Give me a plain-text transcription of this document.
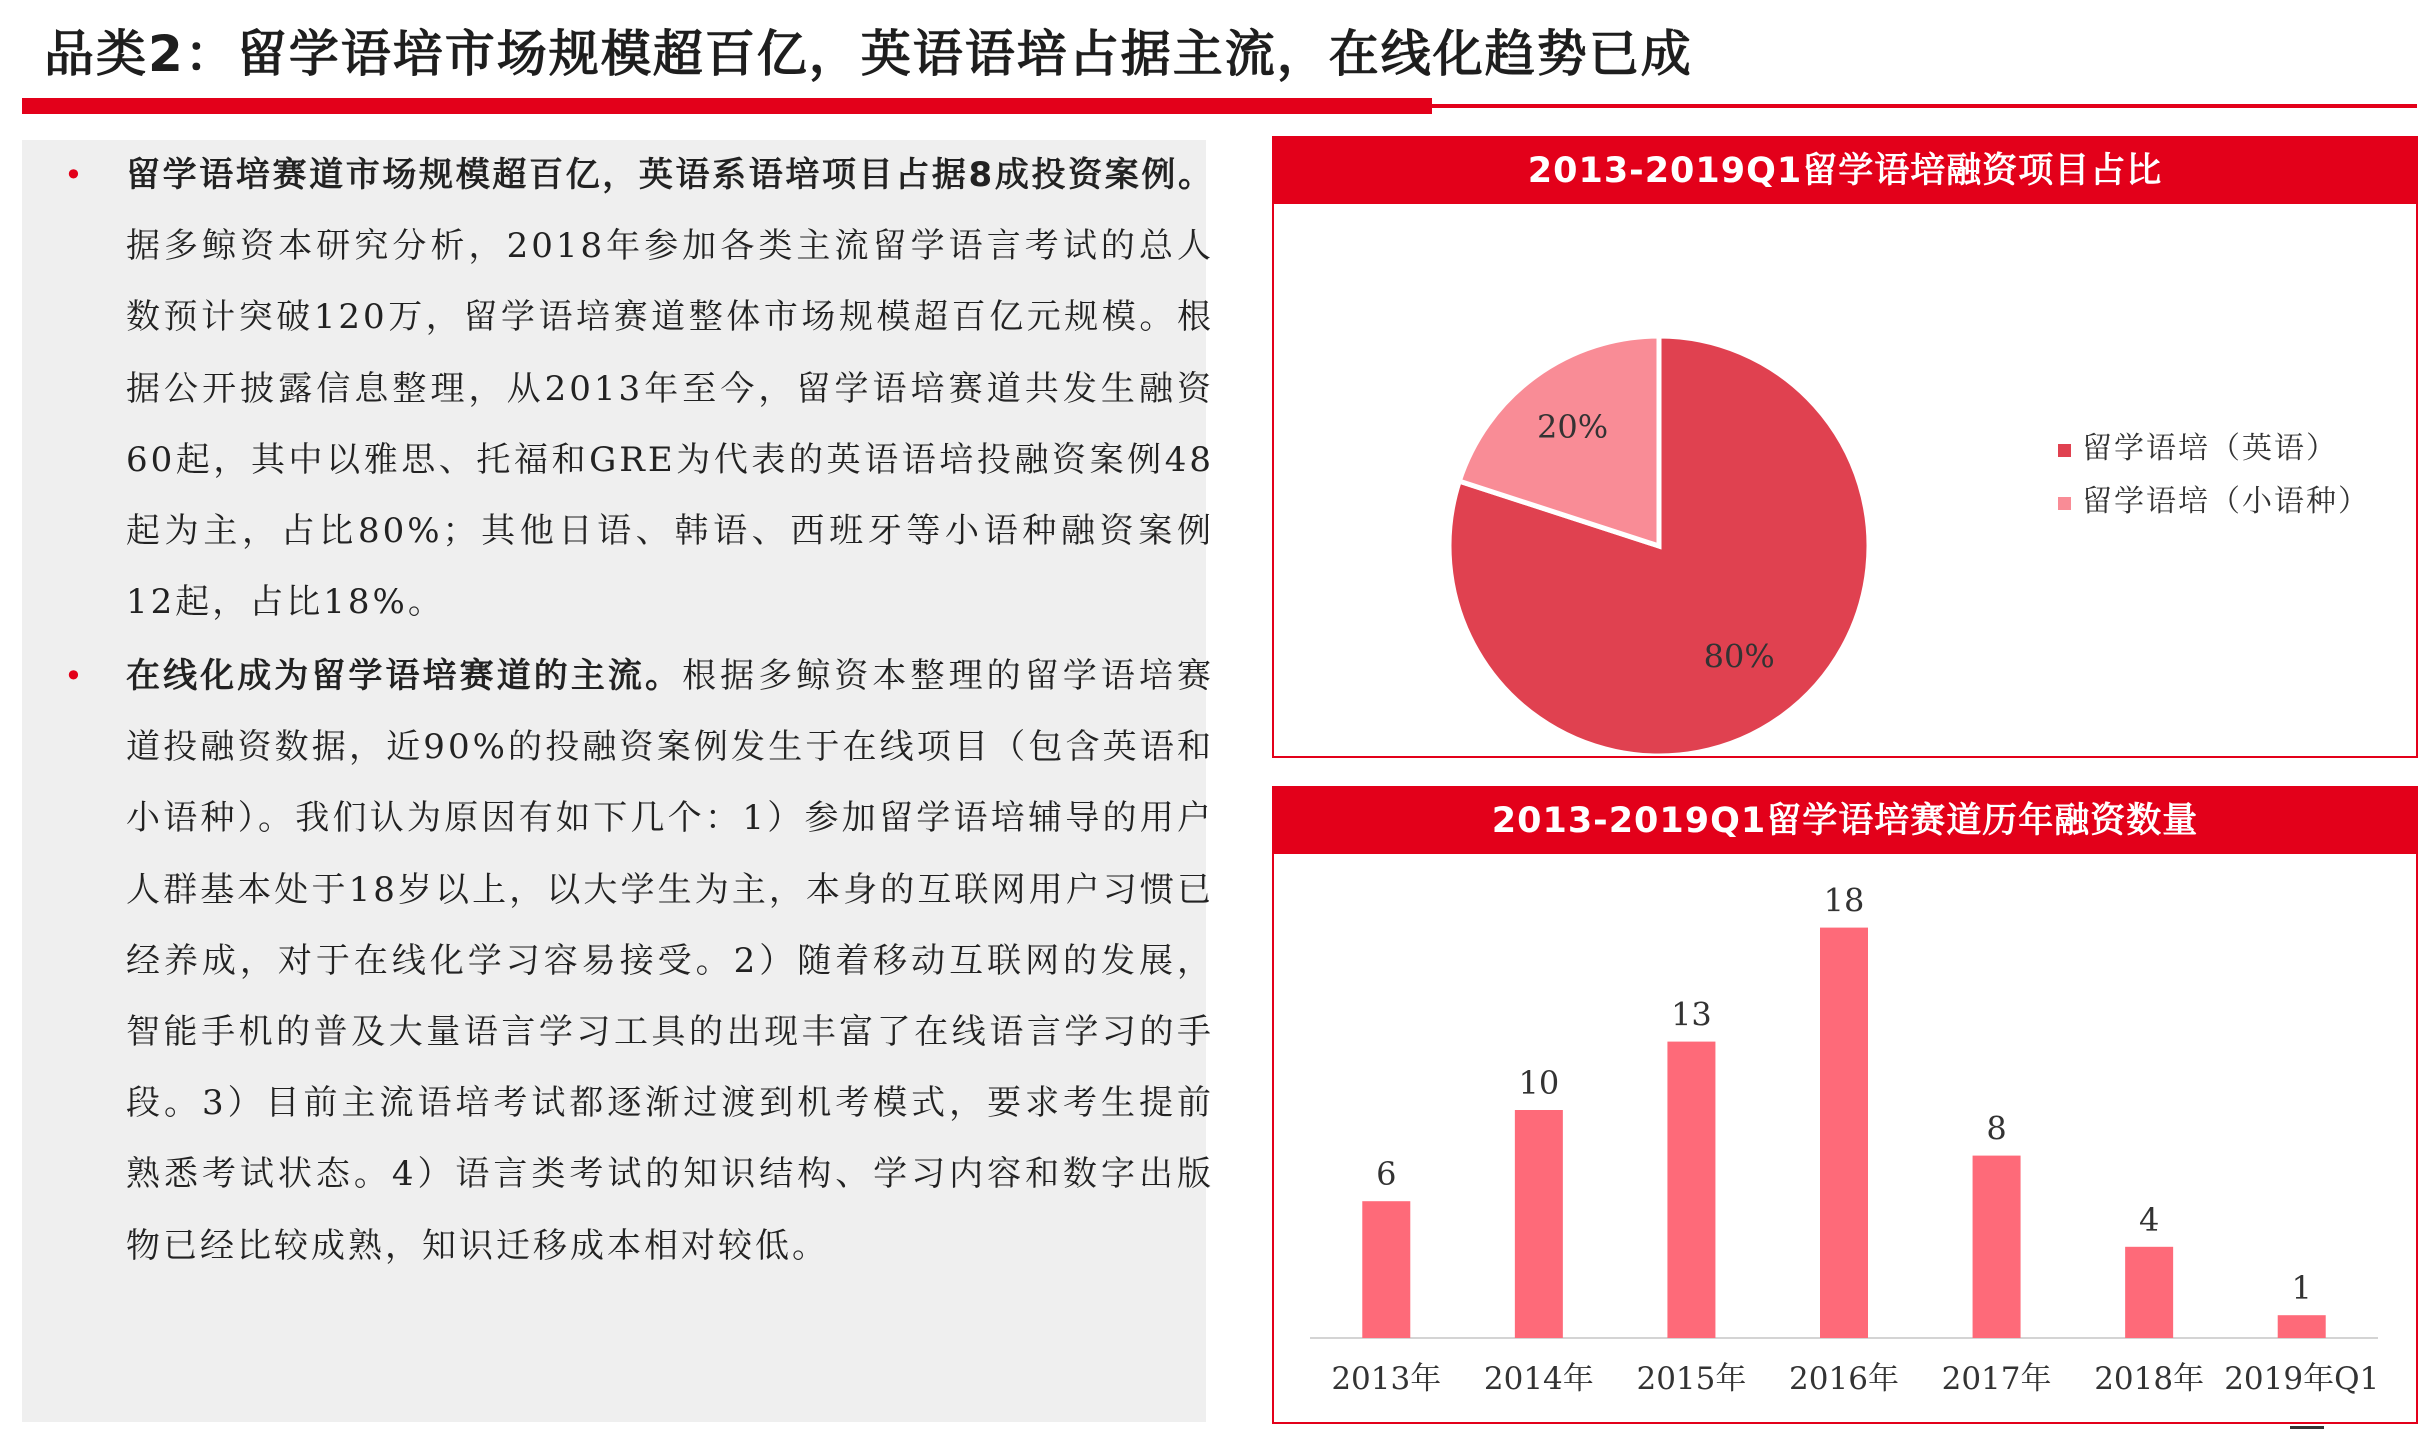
品类2：留学语培市场规模超百亿，英语语培占据主流，在线化趋势已成
• 留学语培赛道市场规模超百亿，英语系语培项目占据8成投资案例。据多鲸资本研究分析，2018年参加各类主流留学语言考试的总人数预计突破120万，留学语培赛道整体市场规模超百亿元规模。根据公开披露信息整理，从2013年至今，留学语培赛道共发生融资60起，其中以雅思、托福和GRE为代表的英语语培投融资案例48起为主，占比80%；其他日语、韩语、西班牙等小语种融资案例12起，占比18%。
• 在线化成为留学语培赛道的主流。根据多鲸资本整理的留学语培赛道投融资数据，近90%的投融资案例发生于在线项目（包含英语和小语种）。我们认为原因有如下几个：1）参加留学语培辅导的用户人群基本处于18岁以上，以大学生为主，本身的互联网用户习惯已经养成，对于在线化学习容易接受。2）随着移动互联网的发展，智能手机的普及大量语言学习工具的出现丰富了在线语言学习的手段。3）目前主流语培考试都逐渐过渡到机考模式，要求考生提前熟悉考试状态。4）语言类考试的知识结构、学习内容和数字出版物已经比较成熟，知识迁移成本相对较低。
2013-2019Q1留学语培融资项目占比
80%
20%
留学语培（英语）
留学语培（小语种）
2013-2019Q1留学语培赛道历年融资数量
6
2013年
10
2014年
13
2015年
18
2016年
8
2017年
4
2018年
1
2019年Q1
